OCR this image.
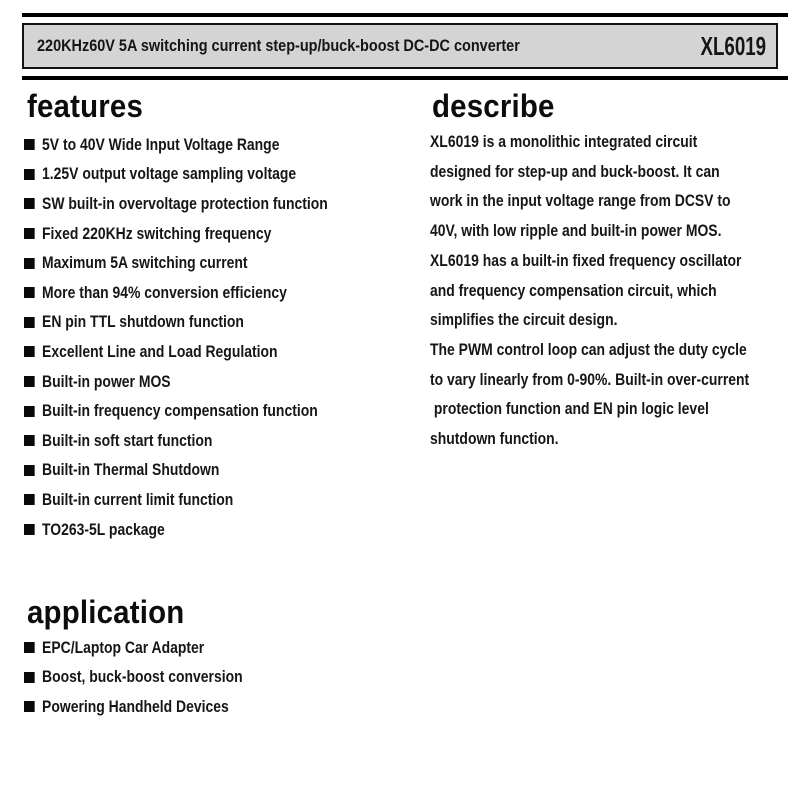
220KHz60V 5A switching current step-up/buck-boost DC-DC converter	XL6019
features
5V to 40V Wide Input Voltage Range
1.25V output voltage sampling voltage
SW built-in overvoltage protection function
Fixed 220KHz switching frequency
Maximum 5A switching current
More than 94% conversion efficiency
EN pin TTL shutdown function
Excellent Line and Load Regulation
Built-in power MOS
Built-in frequency compensation function
Built-in soft start function
Built-in Thermal Shutdown
Built-in current limit function
TO263-5L package
describe
XL6019 is a monolithic integrated circuit
designed for step-up and buck-boost. It can
work in the input voltage range from DCSV to
40V, with low ripple and built-in power MOS.
XL6019 has a built-in fixed frequency oscillator
and frequency compensation circuit, which
simplifies the circuit design.
The PWM control loop can adjust the duty cycle
to vary linearly from 0-90%. Built-in over-current
protection function and EN pin logic level
shutdown function.
application
EPC/Laptop Car Adapter
Boost, buck-boost conversion
Powering Handheld Devices
